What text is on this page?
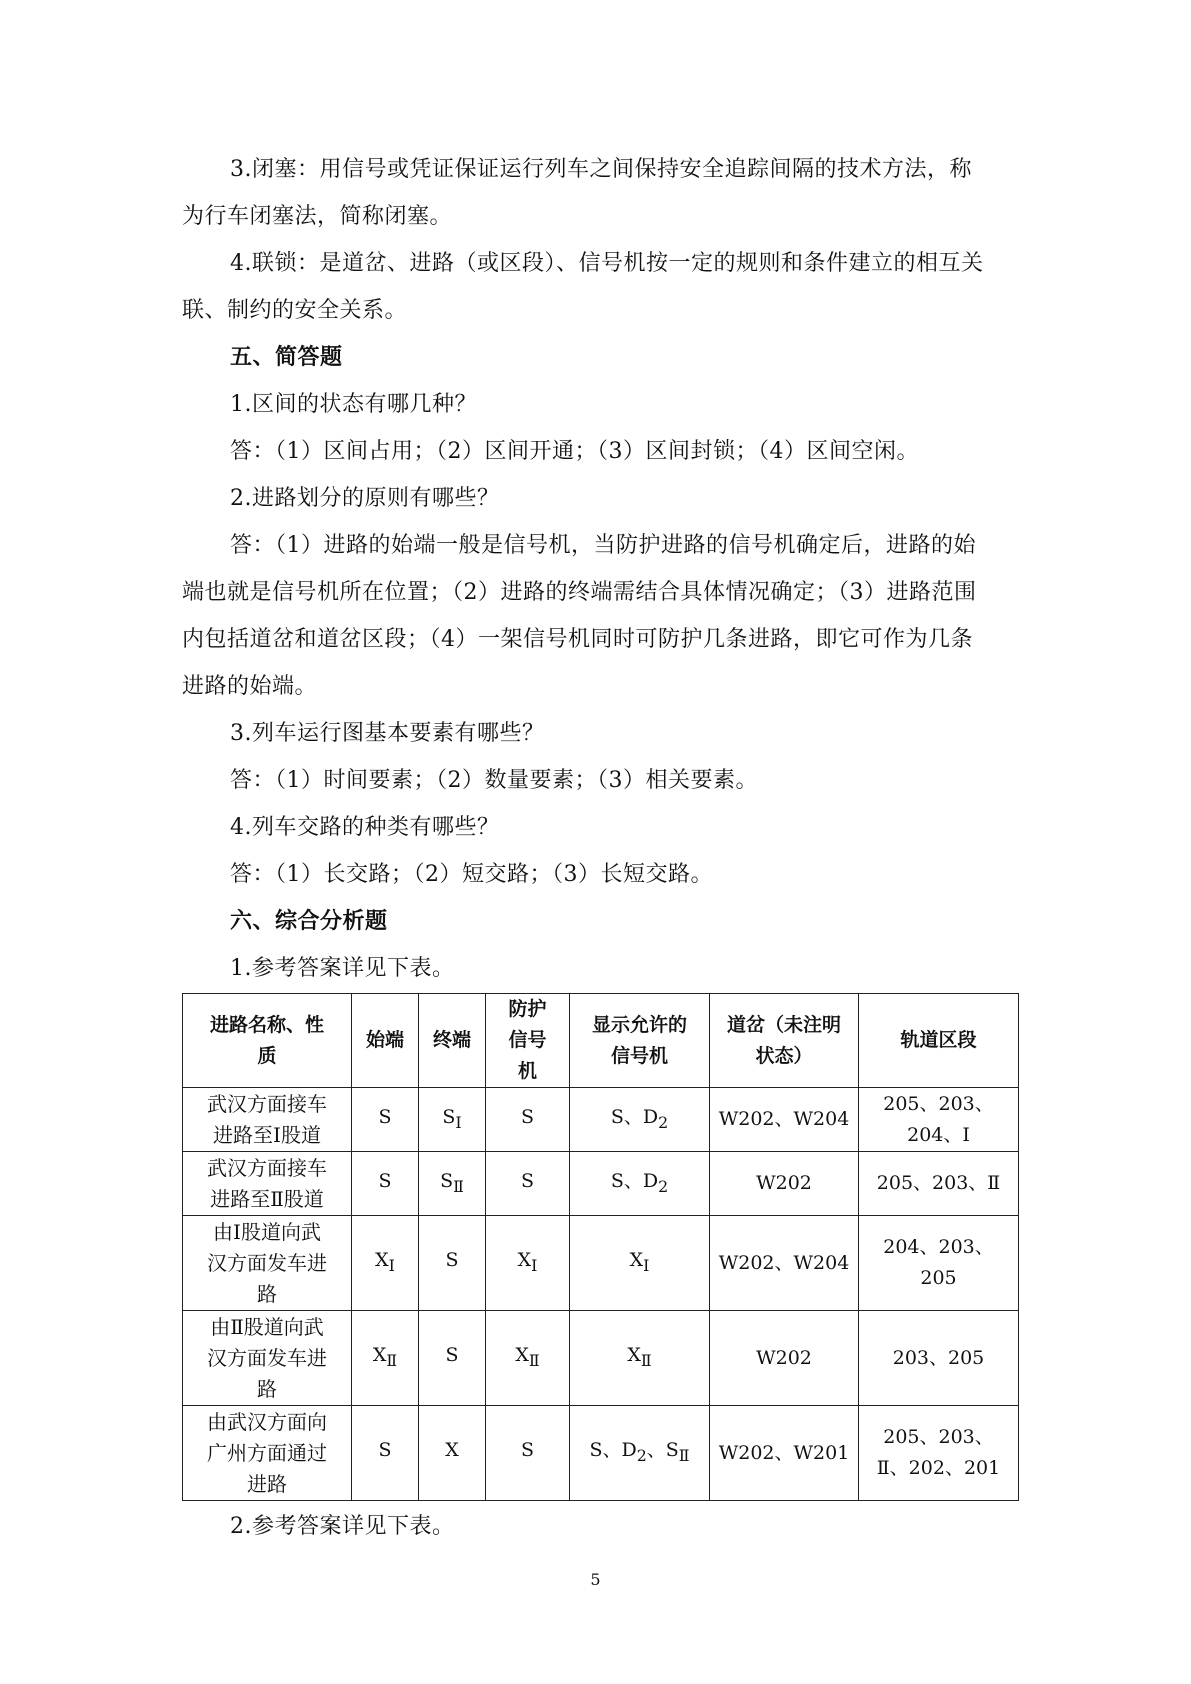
3.闭塞：用信号或凭证保证运行列车之间保持安全追踪间隔的技术方法，称
为行车闭塞法，简称闭塞。
4.联锁：是道岔、进路（或区段）、信号机按一定的规则和条件建立的相互关
联、制约的安全关系。
五、简答题
1.区间的状态有哪几种？
答：（1）区间占用；（2）区间开通；（3）区间封锁；（4）区间空闲。
2.进路划分的原则有哪些？
答：（1）进路的始端一般是信号机，当防护进路的信号机确定后，进路的始
端也就是信号机所在位置；（2）进路的终端需结合具体情况确定；（3）进路范围
内包括道岔和道岔区段；（4）一架信号机同时可防护几条进路，即它可作为几条
进路的始端。
3.列车运行图基本要素有哪些？
答：（1）时间要素；（2）数量要素；（3）相关要素。
4.列车交路的种类有哪些？
答：（1）长交路；（2）短交路；（3）长短交路。
六、综合分析题
1.参考答案详见下表。
进路名称、性
质	始端	终端	防护
信号
机	显示允许的
信号机	道岔（未注明
状态）	轨道区段
武汉方面接车
进路至Ⅰ股道	S	$S_Ⅰ$	S	S、$D_2$	W202、W204	205、203、
204、Ⅰ
武汉方面接车
进路至Ⅱ股道	S	$S_Ⅱ$	S	S、$D_2$	W202	205、203、Ⅱ
由Ⅰ股道向武
汉方面发车进
路	$X_Ⅰ$	S	$X_Ⅰ$	$X_Ⅰ$	W202、W204	204、203、
205
由Ⅱ股道向武
汉方面发车进
路	$X_Ⅱ$	S	$X_Ⅱ$	$X_Ⅱ$	W202	203、205
由武汉方面向
广州方面通过
进路	S	X	S	S、$D_2$、$S_Ⅱ$	W202、W201	205、203、
Ⅱ、202、201
2.参考答案详见下表。
5
